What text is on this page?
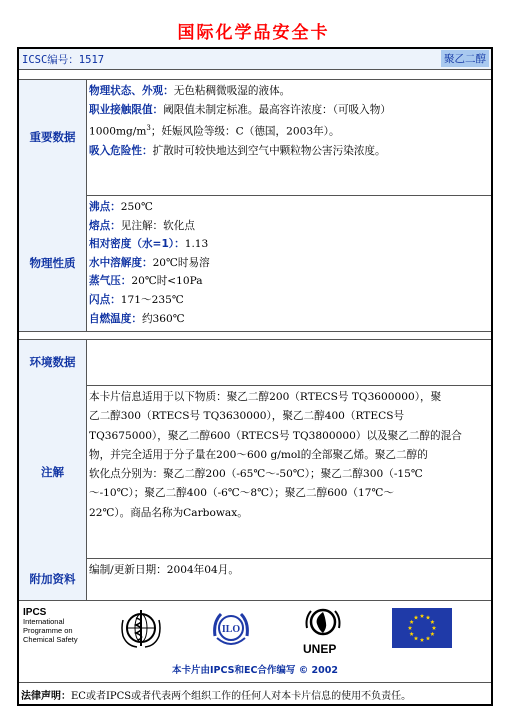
国际化学品安全卡
ICSC编号：1517	聚乙二醇
重要数据
物理状态、外观：无色粘稠微吸湿的液体。
职业接触限值：阈限值未制定标准。最高容许浓度：（可吸入物）
$1000mg/m^3$；妊娠风险等级：C（德国，2003年）。
吸入危险性：扩散时可较快地达到空气中颗粒物公害污染浓度。
物理性质
沸点：250℃
熔点：见注解：软化点
相对密度（水=1）：1.13
水中溶解度：20℃时易溶
蒸气压：20℃时<10Pa
闪点：171～235℃
自燃温度：约360℃
环境数据
注解
本卡片信息适用于以下物质：聚乙二醇200（RTECS号 TQ3600000），聚
乙二醇300（RTECS号 TQ3630000），聚乙二醇400（RTECS号
TQ3675000），聚乙二醇600（RTECS号 TQ3800000）以及聚乙二醇的混合
物，并完全适用于分子量在200～600 g/mol的全部聚乙烯。聚乙二醇的
软化点分别为：聚乙二醇200（-65℃～-50℃）；聚乙二醇300（-15℃
～-10℃）；聚乙二醇400（-6℃～8℃）；聚乙二醇600（17℃～
22℃）。商品名称为Carbowax。
附加资料
编制/更新日期：2004年04月。
IPCS
International
Programme on
Chemical Safety
ILO
UNEP
本卡片由IPCS和EC合作编写 © 2002
法律声明：EC或者IPCS或者代表两个组织工作的任何人对本卡片信息的使用不负责任。
